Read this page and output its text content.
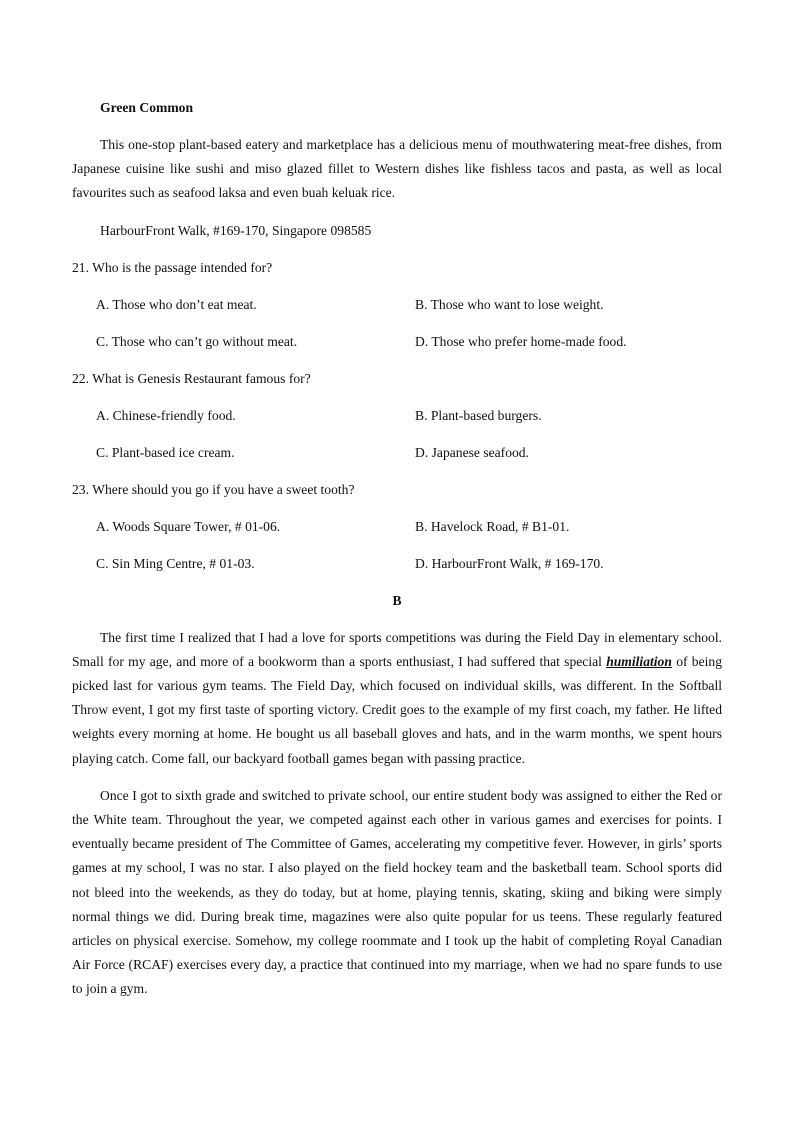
Green Common
This one-stop plant-based eatery and marketplace has a delicious menu of mouthwatering meat-free dishes, from Japanese cuisine like sushi and miso glazed fillet to Western dishes like fishless tacos and pasta, as well as local favourites such as seafood laksa and even buah keluak rice.
HarbourFront Walk, #169-170, Singapore 098585
21. Who is the passage intended for?
A. Those who don’t eat meat.	B. Those who want to lose weight.
C. Those who can’t go without meat.	D. Those who prefer home-made food.
22. What is Genesis Restaurant famous for?
A. Chinese-friendly food.	B. Plant-based burgers.
C. Plant-based ice cream.	D. Japanese seafood.
23. Where should you go if you have a sweet tooth?
A. Woods Square Tower, # 01-06.	B. Havelock Road, # B1-01.
C. Sin Ming Centre, # 01-03.	D. HarbourFront Walk, # 169-170.
B
The first time I realized that I had a love for sports competitions was during the Field Day in elementary school. Small for my age, and more of a bookworm than a sports enthusiast, I had suffered that special humiliation of being picked last for various gym teams. The Field Day, which focused on individual skills, was different. In the Softball Throw event, I got my first taste of sporting victory. Credit goes to the example of my first coach, my father. He lifted weights every morning at home. He bought us all baseball gloves and hats, and in the warm months, we spent hours playing catch. Come fall, our backyard football games began with passing practice.
Once I got to sixth grade and switched to private school, our entire student body was assigned to either the Red or the White team. Throughout the year, we competed against each other in various games and exercises for points. I eventually became president of The Committee of Games, accelerating my competitive fever. However, in girls’ sports games at my school, I was no star. I also played on the field hockey team and the basketball team. School sports did not bleed into the weekends, as they do today, but at home, playing tennis, skating, skiing and biking were simply normal things we did. During break time, magazines were also quite popular for us teens. These regularly featured articles on physical exercise. Somehow, my college roommate and I took up the habit of completing Royal Canadian Air Force (RCAF) exercises every day, a practice that continued into my marriage, when we had no spare funds to use to join a gym.
